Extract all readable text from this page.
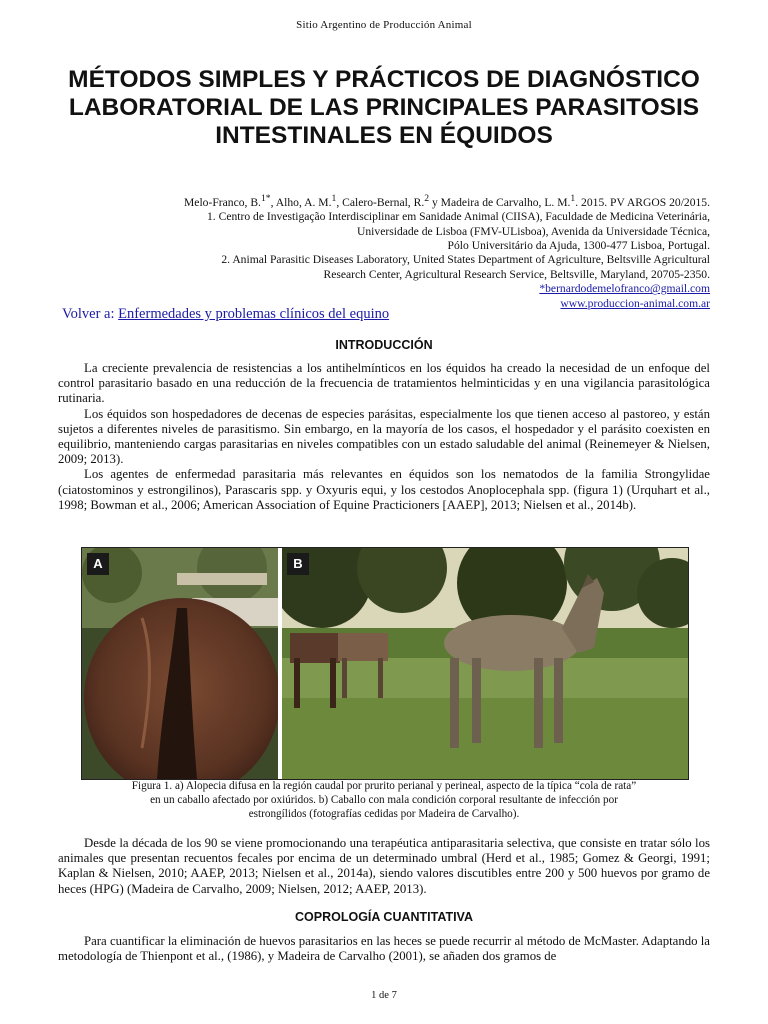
Sitio Argentino de Producción Animal
MÉTODOS SIMPLES Y PRÁCTICOS DE DIAGNÓSTICO LABORATORIAL DE LAS PRINCIPALES PARASITOSIS INTESTINALES EN ÉQUIDOS
Melo-Franco, B.$^{1*}$, Alho, A. M.$^1$, Calero-Bernal, R.$^2$ y Madeira de Carvalho, L. M.$^1$. 2015. PV ARGOS 20/2015.
1. Centro de Investigação Interdisciplinar em Sanidade Animal (CIISA), Faculdade de Medicina Veterinária,
Universidade de Lisboa (FMV-ULisboa), Avenida da Universidade Técnica,
Pólo Universitário da Ajuda, 1300-477 Lisboa, Portugal.
2. Animal Parasitic Diseases Laboratory, United States Department of Agriculture, Beltsville Agricultural
Research Center, Agricultural Research Service, Beltsville, Maryland, 20705-2350.
*bernardodemelofranco@gmail.com
www.produccion-animal.com.ar
Volver a: Enfermedades y problemas clínicos del equino
INTRODUCCIÓN

La creciente prevalencia de resistencias a los antihelmínticos en los équidos ha creado la necesidad de un enfoque del control parasitario basado en una reducción de la frecuencia de tratamientos helminticidas y en una vigilancia parasitológica rutinaria.

Los équidos son hospedadores de decenas de especies parásitas, especialmente los que tienen acceso al pastoreo, y están sujetos a diferentes niveles de parasitismo. Sin embargo, en la mayoría de los casos, el hospedador y el parásito coexisten en equilibrio, manteniendo cargas parasitarias en niveles compatibles con un estado saludable del animal (Reinemeyer & Nielsen, 2009; 2013).

Los agentes de enfermedad parasitaria más relevantes en équidos son los nematodos de la familia Strongylidae (ciatostominos y estrongilinos), Parascaris spp. y Oxyuris equi, y los cestodos Anoplocephala spp. (figura 1) (Urquhart et al., 1998; Bowman et al., 2006; American Association of Equine Practicioners [AAEP], 2013; Nielsen et al., 2014b).

A	B
Figura 1. a) Alopecia difusa en la región caudal por prurito perianal y perineal, aspecto de la típica “cola de rata”
en un caballo afectado por oxiúridos. b) Caballo con mala condición corporal resultante de infección por
estrongílidos (fotografías cedidas por Madeira de Carvalho).

Desde la década de los 90 se viene promocionando una terapéutica antiparasitaria selectiva, que consiste en tratar sólo los animales que presentan recuentos fecales por encima de un determinado umbral (Herd et al., 1985; Gomez & Georgi, 1991; Kaplan & Nielsen, 2010; AAEP, 2013; Nielsen et al., 2014a), siendo valores discutibles entre 200 y 500 huevos por gramo de heces (HPG) (Madeira de Carvalho, 2009; Nielsen, 2012; AAEP, 2013).

COPROLOGÍA CUANTITATIVA

Para cuantificar la eliminación de huevos parasitarios en las heces se puede recurrir al método de McMaster. Adaptando la metodología de Thienpont et al., (1986), y Madeira de Carvalho (2001), se añaden dos gramos de

1 de 7
